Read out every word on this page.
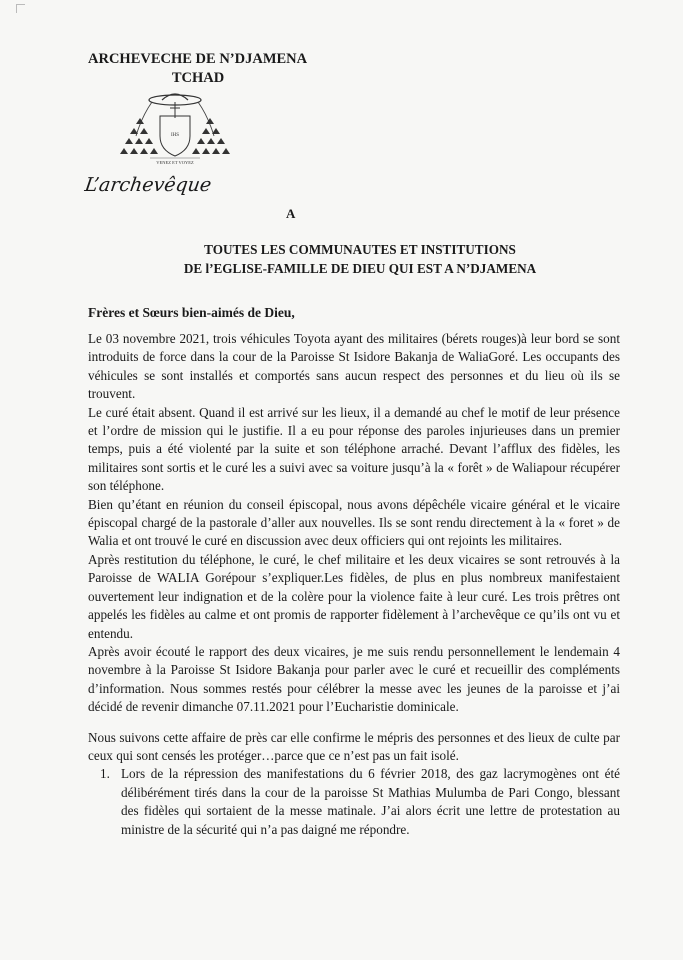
ARCHEVECHE DE N’DJAMENA
TCHAD
IHS
VENEZ ET VOYEZ
L’archevêque
A
TOUTES LES COMMUNAUTES ET INSTITUTIONS
DE l’EGLISE-FAMILLE DE DIEU QUI EST A N’DJAMENA
Frères et Sœurs bien-aimés de Dieu,

Le 03 novembre 2021, trois véhicules Toyota ayant des militaires (bérets rouges)à leur bord se sont introduits de force dans la cour de la Paroisse St Isidore Bakanja de WaliaGoré. Les occupants des véhicules se sont installés et comportés sans aucun respect des personnes et du lieu où ils se trouvent.

Le curé était absent. Quand il est arrivé sur les lieux, il a demandé au chef le motif de leur présence et l’ordre de mission qui le justifie. Il a eu pour réponse des paroles injurieuses dans un premier temps, puis a été violenté par la suite et son téléphone arraché. Devant l’afflux des fidèles, les militaires sont sortis et le curé les a suivi avec sa voiture jusqu’à la « forêt » de Waliapour récupérer son téléphone.

Bien qu’étant en réunion du conseil épiscopal, nous avons dépêchéle vicaire général et le vicaire épiscopal chargé de la pastorale d’aller aux nouvelles. Ils se sont rendu directement à la « foret » de Walia et ont trouvé le curé en discussion avec deux officiers qui ont rejoints les militaires.

Après restitution du téléphone, le curé, le chef militaire et les deux vicaires se sont retrouvés à la Paroisse de WALIA Gorépour s’expliquer.Les fidèles, de plus en plus nombreux manifestaient ouvertement leur indignation et de la colère pour la violence faite à leur curé. Les trois prêtres ont appelés les fidèles au calme et ont promis de rapporter fidèlement à l’archevêque ce qu’ils ont vu et entendu.

Après avoir écouté le rapport des deux vicaires, je me suis rendu personnellement le lendemain 4 novembre à la Paroisse St Isidore Bakanja pour parler avec le curé et recueillir des compléments d’information. Nous sommes restés pour célébrer la messe avec les jeunes de la paroisse et j’ai décidé de revenir dimanche 07.11.2021 pour l’Eucharistie dominicale.

Nous suivons cette affaire de près car elle confirme le mépris des personnes et des lieux de culte par ceux qui sont censés les protéger…parce que ce n’est pas un fait isolé.

1. Lors de la répression des manifestations du 6 février 2018, des gaz lacrymogènes ont été délibérément tirés dans la cour de la paroisse St Mathias Mulumba de Pari Congo, blessant des fidèles qui sortaient de la messe matinale. J’ai alors écrit une lettre de protestation au ministre de la sécurité qui n’a pas daigné me répondre.
